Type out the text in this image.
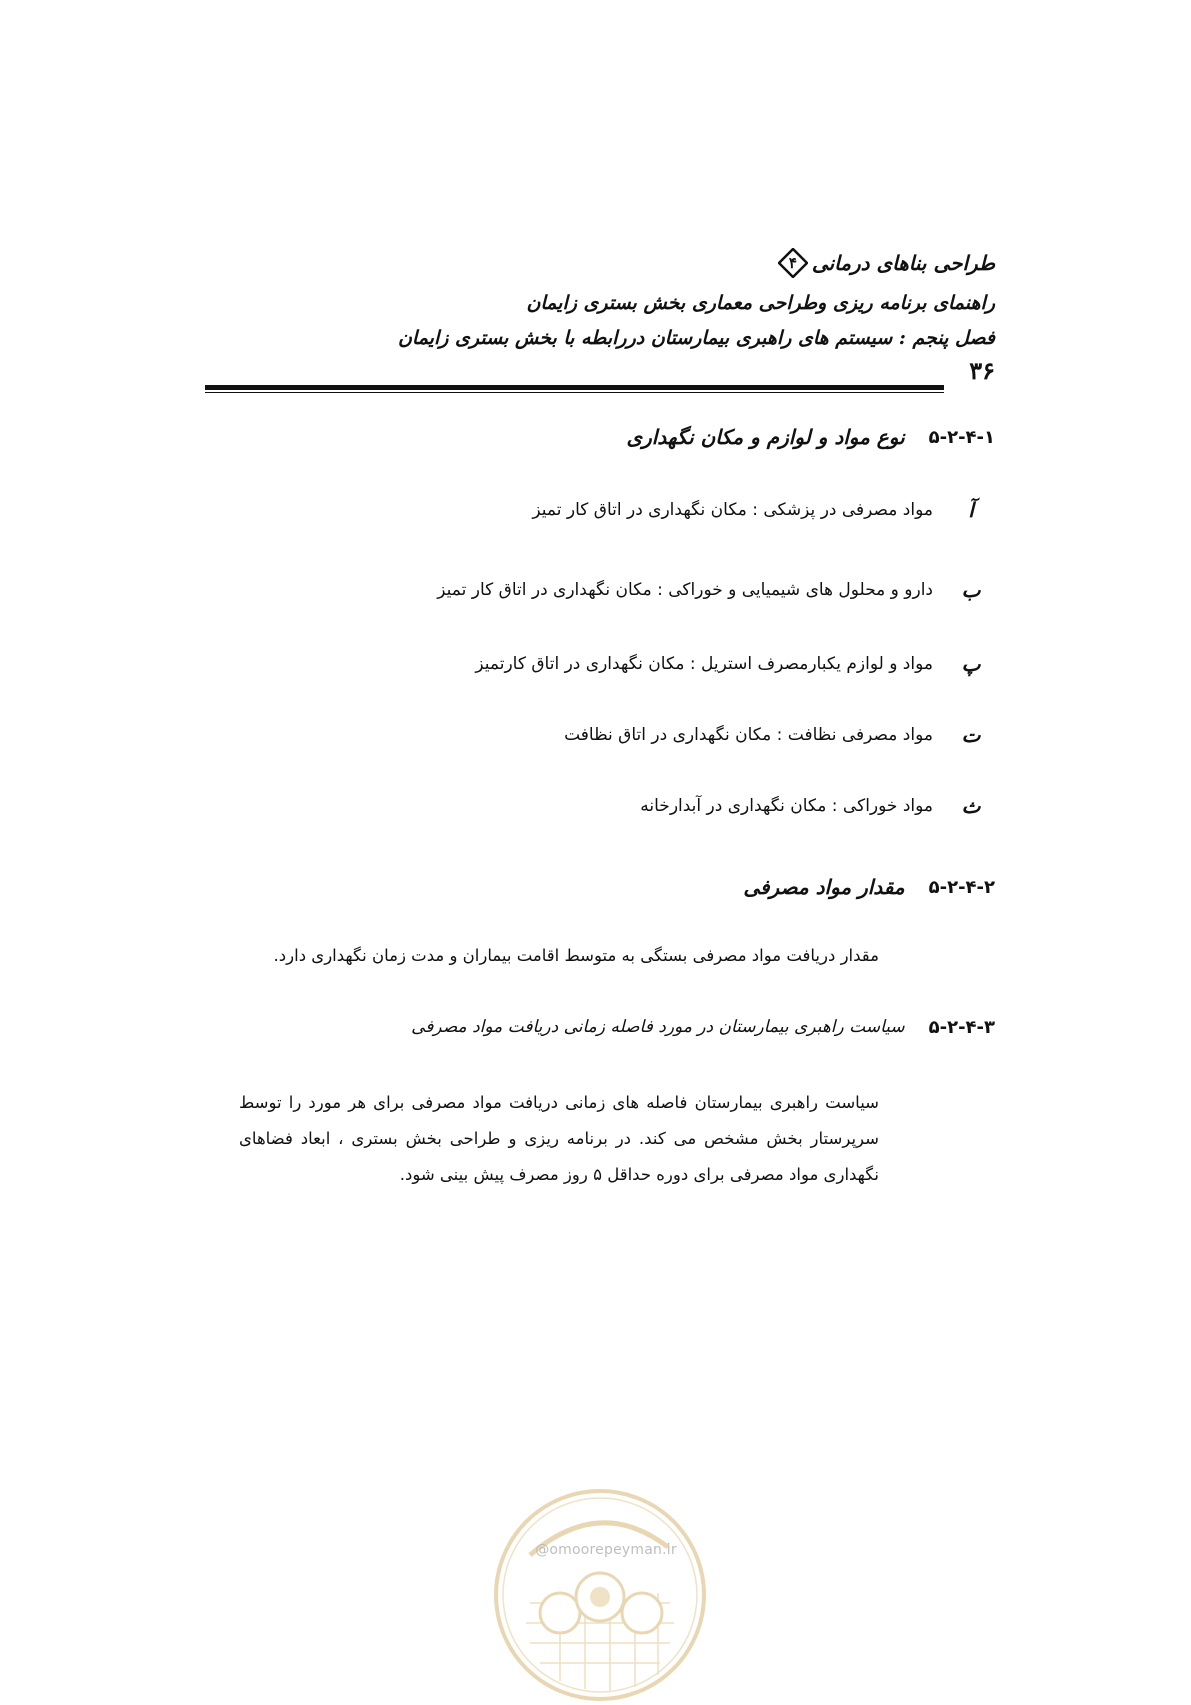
طراحی بناهای درمانی
۴
راهنمای برنامه ریزی وطراحی معماری بخش بستری زایمان
فصل پنجم : سیستم های راهبری بیمارستان دررابطه با بخش بستری زایمان
۳۶
۵-۲-۴-۱
نوع مواد و لوازم و مکان نگهداری
آ
مواد مصرفی در پزشکی : مکان نگهداری در اتاق کار تمیز
ب
دارو و محلول های شیمیایی و خوراکی : مکان نگهداری در اتاق کار تمیز
پ
مواد و لوازم یکبارمصرف استریل : مکان نگهداری در اتاق کارتمیز
ت
مواد مصرفی نظافت : مکان نگهداری در اتاق نظافت
ث
مواد خوراکی : مکان نگهداری در آبدارخانه
۵-۲-۴-۲
مقدار مواد مصرفی
مقدار دریافت مواد مصرفی بستگی به متوسط اقامت بیماران و مدت زمان نگهداری دارد.
۵-۲-۴-۳
سیاست راهبری بیمارستان در مورد فاصله زمانی دریافت مواد مصرفی
سیاست راهبری بیمارستان فاصله های زمانی دریافت مواد مصرفی برای هر مورد را توسط سرپرستار بخش مشخص می کند. در برنامه ریزی و طراحی بخش بستری ، ابعاد فضاهای نگهداری مواد مصرفی برای دوره حداقل ۵ روز مصرف پیش بینی شود.
@omoorepeyman.ir
